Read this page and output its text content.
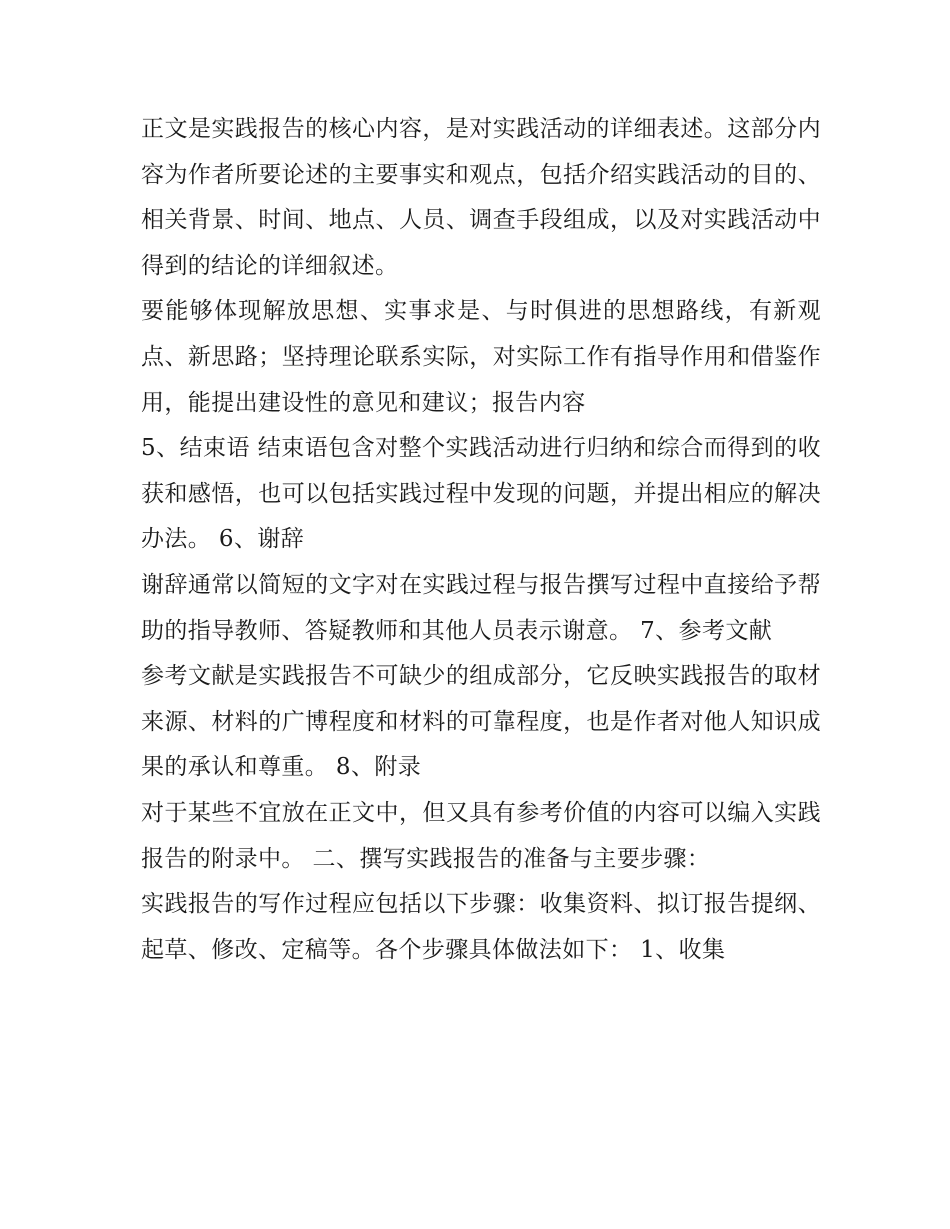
正文是实践报告的核心内容，是对实践活动的详细表述。这部分内容为作者所要论述的主要事实和观点，包括介绍实践活动的目的、相关背景、时间、地点、人员、调查手段组成，以及对实践活动中得到的结论的详细叙述。

要能够体现解放思想、实事求是、与时俱进的思想路线，有新观点、新思路；坚持理论联系实际，对实际工作有指导作用和借鉴作用，能提出建设性的意见和建议；报告内容

5、结束语 结束语包含对整个实践活动进行归纳和综合而得到的收获和感悟，也可以包括实践过程中发现的问题，并提出相应的解决办法。 6、谢辞

谢辞通常以简短的文字对在实践过程与报告撰写过程中直接给予帮助的指导教师、答疑教师和其他人员表示谢意。 7、参考文献

参考文献是实践报告不可缺少的组成部分，它反映实践报告的取材来源、材料的广博程度和材料的可靠程度，也是作者对他人知识成果的承认和尊重。 8、附录

对于某些不宜放在正文中，但又具有参考价值的内容可以编入实践报告的附录中。 二、撰写实践报告的准备与主要步骤：

实践报告的写作过程应包括以下步骤：收集资料、拟订报告提纲、起草、修改、定稿等。各个步骤具体做法如下： 1、收集
